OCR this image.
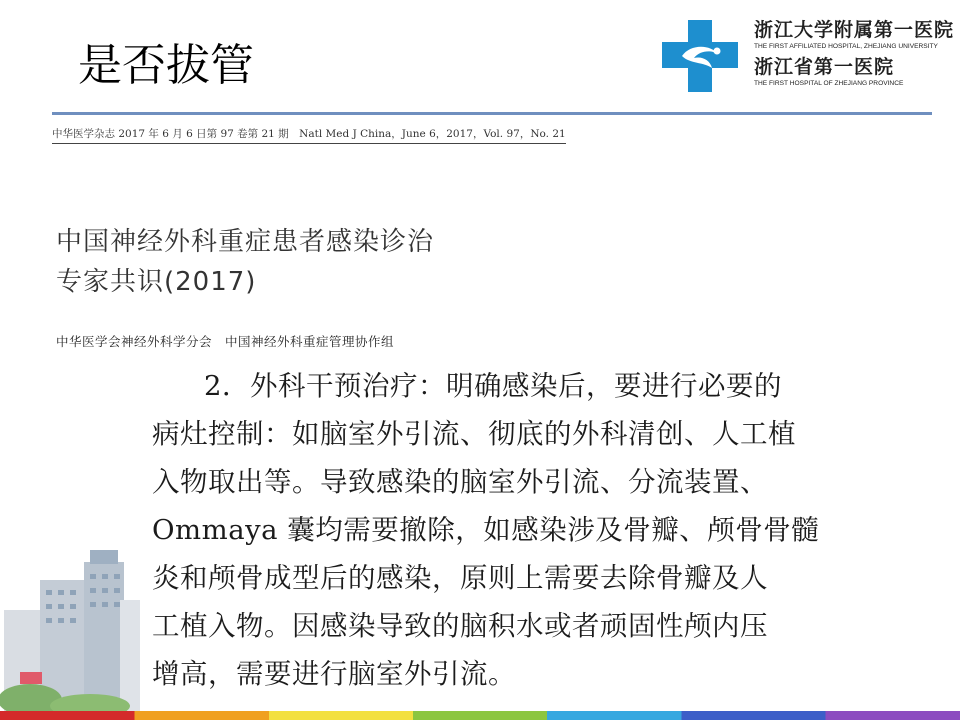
是否拔管
浙江大学附属第一医院
THE FIRST AFFILIATED HOSPITAL, ZHEJIANG UNIVERSITY
浙江省第一医院
THE FIRST HOSPITAL OF ZHEJIANG PROVINCE
中华医学杂志 2017 年 6 月 6 日第 97 卷第 21 期　Natl Med J China，June 6，2017，Vol. 97，No. 21
中国神经外科重症患者感染诊治
专家共识(2017)
中华医学会神经外科学分会　中国神经外科重症管理协作组
2．外科干预治疗：明确感染后，要进行必要的
病灶控制：如脑室外引流、彻底的外科清创、人工植
入物取出等。导致感染的脑室外引流、分流装置、
Ommaya 囊均需要撤除，如感染涉及骨瓣、颅骨骨髓
炎和颅骨成型后的感染，原则上需要去除骨瓣及人
工植入物。因感染导致的脑积水或者顽固性颅内压
增高，需要进行脑室外引流。
